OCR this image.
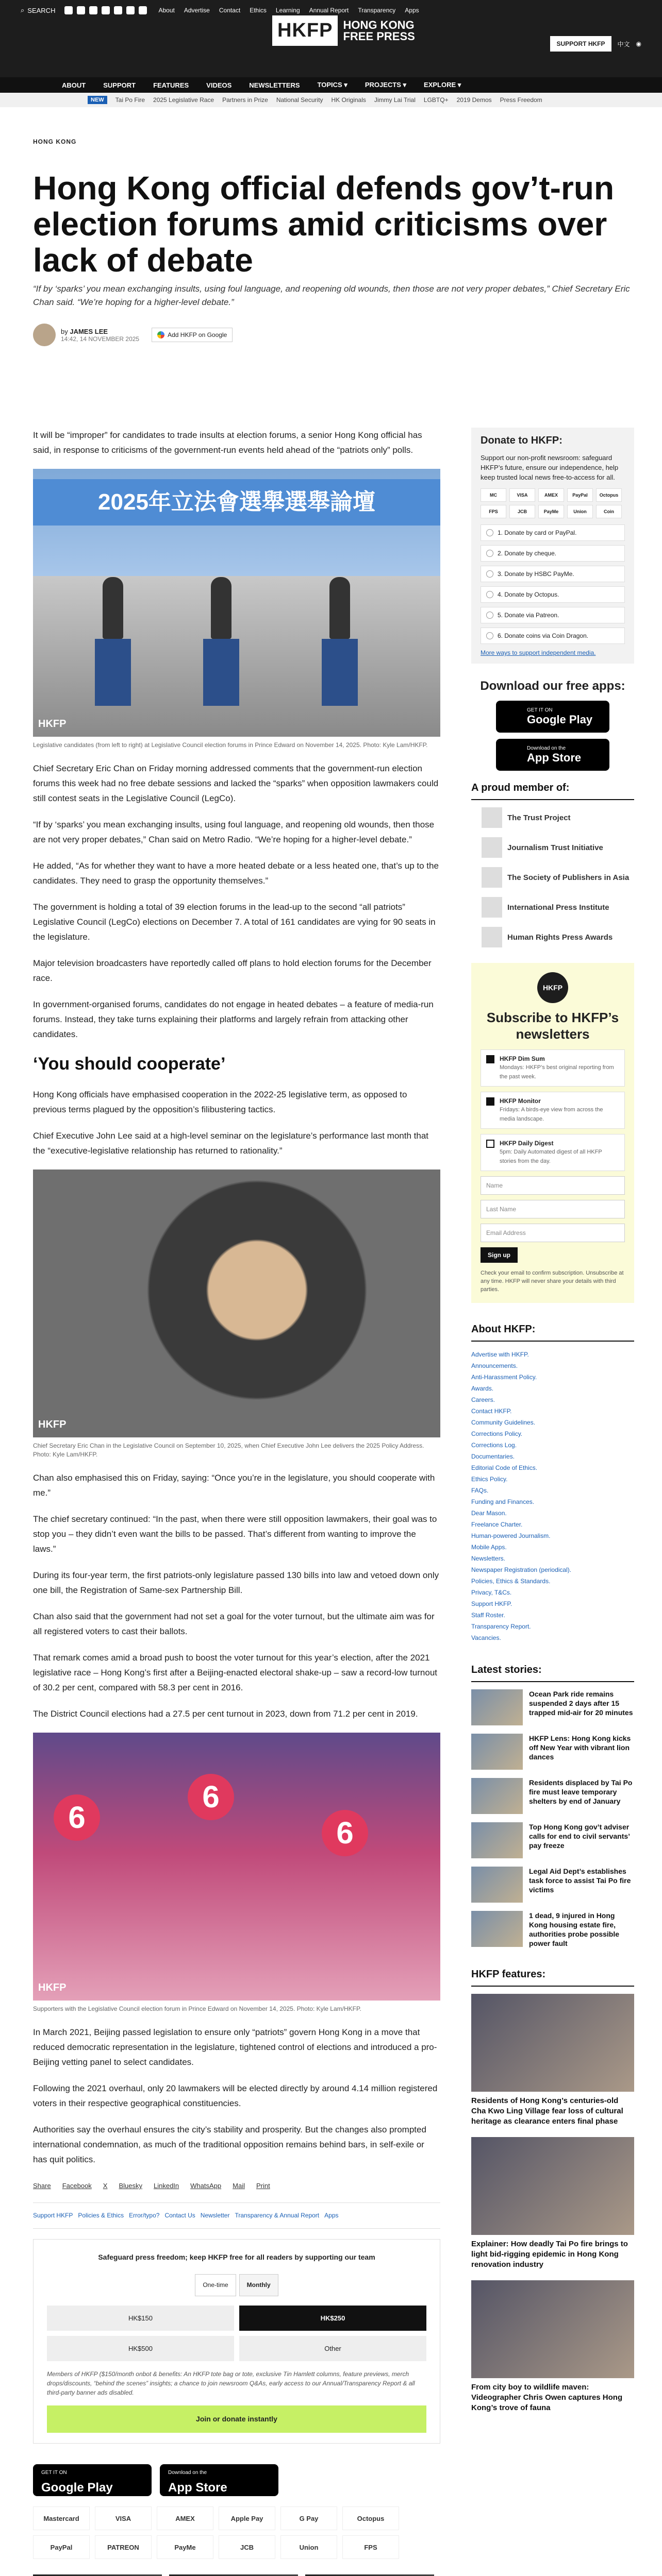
⌕ SEARCH	About Advertise Contact Ethics Learning Annual Report Transparency Apps
HKFP HONG KONG
FREE PRESS
SUPPORT HKFP	中文 ◉
ABOUT	SUPPORT	FEATURES	VIDEOS	NEWSLETTERS	TOPICS ▾	PROJECTS ▾	EXPLORE ▾
NEW	Tai Po Fire 2025 Legislative Race Partners in Prize National Security HK Originals Jimmy Lai Trial LGBTQ+ 2019 Demos Press Freedom
HONG KONG
Hong Kong official defends gov’t-run election forums amid criticisms over lack of debate

“If by ‘sparks’ you mean exchanging insults, using foul language, and reopening old wounds, then those are not very proper debates,” Chief Secretary Eric Chan said. “We’re hoping for a higher-level debate.”

by JAMES LEE
14:42, 14 NOVEMBER 2025
Add HKFP on Google

It will be “improper” for candidates to trade insults at election forums, a senior Hong Kong official has said, in response to criticisms of the government-run events held ahead of the “patriots only” polls.

2025年立法會選舉選舉論壇
HKFP

Legislative candidates (from left to right) at Legislative Council election forums in Prince Edward on November 14, 2025. Photo: Kyle Lam/HKFP.

Chief Secretary Eric Chan on Friday morning addressed comments that the government-run election forums this week had no free debate sessions and lacked the “sparks” when opposition lawmakers could still contest seats in the Legislative Council (LegCo).

“If by ‘sparks’ you mean exchanging insults, using foul language, and reopening old wounds, then those are not very proper debates,” Chan said on Metro Radio. “We’re hoping for a higher-level debate.”

He added, “As for whether they want to have a more heated debate or a less heated one, that’s up to the candidates. They need to grasp the opportunity themselves.”

The government is holding a total of 39 election forums in the lead-up to the second “all patriots” Legislative Council (LegCo) elections on December 7. A total of 161 candidates are vying for 90 seats in the legislature.

Major television broadcasters have reportedly called off plans to hold election forums for the December race.

In government-organised forums, candidates do not engage in heated debates – a feature of media-run forums. Instead, they take turns explaining their platforms and largely refrain from attacking other candidates.

‘You should cooperate’

Hong Kong officials have emphasised cooperation in the 2022-25 legislative term, as opposed to previous terms plagued by the opposition’s filibustering tactics.

Chief Executive John Lee said at a high-level seminar on the legislature’s performance last month that the “executive-legislative relationship has returned to rationality.”

HKFP

Chief Secretary Eric Chan in the Legislative Council on September 10, 2025, when Chief Executive John Lee delivers the 2025 Policy Address. Photo: Kyle Lam/HKFP.

Chan also emphasised this on Friday, saying: “Once you’re in the legislature, you should cooperate with me.”

The chief secretary continued: “In the past, when there were still opposition lawmakers, their goal was to stop you – they didn’t even want the bills to be passed. That’s different from wanting to improve the laws.”

During its four-year term, the first patriots-only legislature passed 130 bills into law and vetoed down only one bill, the Registration of Same-sex Partnership Bill.

Chan also said that the government had not set a goal for the voter turnout, but the ultimate aim was for all registered voters to cast their ballots.

That remark comes amid a broad push to boost the voter turnout for this year’s election, after the 2021 legislative race – Hong Kong’s first after a Beijing-enacted electoral shake-up – saw a record-low turnout of 30.2 per cent, compared with 58.3 per cent in 2016.

The District Council elections had a 27.5 per cent turnout in 2023, down from 71.2 per cent in 2019.

6
6
6
HKFP

Supporters with the Legislative Council election forum in Prince Edward on November 14, 2025. Photo: Kyle Lam/HKFP.

In March 2021, Beijing passed legislation to ensure only “patriots” govern Hong Kong in a move that reduced democratic representation in the legislature, tightened control of elections and introduced a pro-Beijing vetting panel to select candidates.

Following the 2021 overhaul, only 20 lawmakers will be elected directly by around 4.14 million registered voters in their respective geographical constituencies.

Authorities say the overhaul ensures the city’s stability and prosperity. But the changes also prompted international condemnation, as much of the traditional opposition remains behind bars, in self-exile or has quit politics.

Share Facebook X Bluesky LinkedIn WhatsApp Mail Print
Support HKFP Policies & Ethics Error/typo? Contact Us Newsletter Transparency & Annual Report Apps
Safeguard press freedom; keep HKFP free for all readers by supporting our team
One-time	Monthly
HK$150	HK$250
HK$500	Other

Members of HKFP ($150/month onbot & benefits: An HKFP tote bag or tote, exclusive Tin Hamlett columns, feature previews, merch drops/discounts, “behind the scenes” insights; a chance to join newsroom Q&As, early access to our Annual/Transparency Report & all third-party banner ads disabled.

Join or donate instantly
GET IT ON
Google Play
Download on the
App Store
Mastercard	VISA	AMEX	Apple Pay	G Pay	Octopus
PayPal	PATREON	PayMe	JCB	Union	FPS
Donate to HKFP:

Support our non-profit newsroom: safeguard HKFP’s future, ensure our independence, help keep trusted local news free-to-access for all.

MC	VISA	AMEX	PayPal	Octopus
FPS	JCB	PayMe	Union	Coin
1. Donate by card or PayPal.
2. Donate by cheque.
3. Donate by HSBC PayMe.
4. Donate by Octopus.
5. Donate via Patreon.
6. Donate coins via Coin Dragon.
More ways to support independent media.
Download our free apps:
GET IT ON
Google Play
Download on the
App Store
A proud member of:
The Trust Project
Journalism Trust Initiative
The Society of Publishers in Asia
International Press Institute
Human Rights Press Awards
HKFP
Subscribe to HKFP’s newsletters
HKFP Dim Sum
Mondays: HKFP’s best original reporting from the past week.
HKFP Monitor
Fridays: A birds-eye view from across the media landscape.
HKFP Daily Digest
5pm: Daily Automated digest of all HKFP stories from the day.
Name
Last Name
Email Address
Sign up

Check your email to confirm subscription. Unsubscribe at any time. HKFP will never share your details with third parties.

About HKFP:
Advertise with HKFP.
Announcements.
Anti-Harassment Policy.
Awards.
Careers.
Contact HKFP.
Community Guidelines.
Corrections Policy.
Corrections Log.
Documentaries.
Editorial Code of Ethics.
Ethics Policy.
FAQs.
Funding and Finances.
Dear Mason.
Freelance Charter.
Human-powered Journalism.
Mobile Apps.
Newsletters.
Newspaper Registration (periodical).
Policies, Ethics & Standards.
Privacy, T&Cs.
Support HKFP.
Staff Roster.
Transparency Report.
Vacancies.
Latest stories:
Ocean Park ride remains suspended 2 days after 15 trapped mid-air for 20 minutes
HKFP Lens: Hong Kong kicks off New Year with vibrant lion dances
Residents displaced by Tai Po fire must leave temporary shelters by end of January
Top Hong Kong gov’t adviser calls for end to civil servants’ pay freeze
Legal Aid Dept’s establishes task force to assist Tai Po fire victims
1 dead, 9 injured in Hong Kong housing estate fire, authorities probe possible power fault
HKFP features:
Residents of Hong Kong’s centuries-old Cha Kwo Ling Village fear loss of cultural heritage as clearance enters final phase
Explainer: How deadly Tai Po fire brings to light bid-rigging epidemic in Hong Kong renovation industry
From city boy to wildlife maven: Videographer Chris Owen captures Hong Kong’s trove of fauna
